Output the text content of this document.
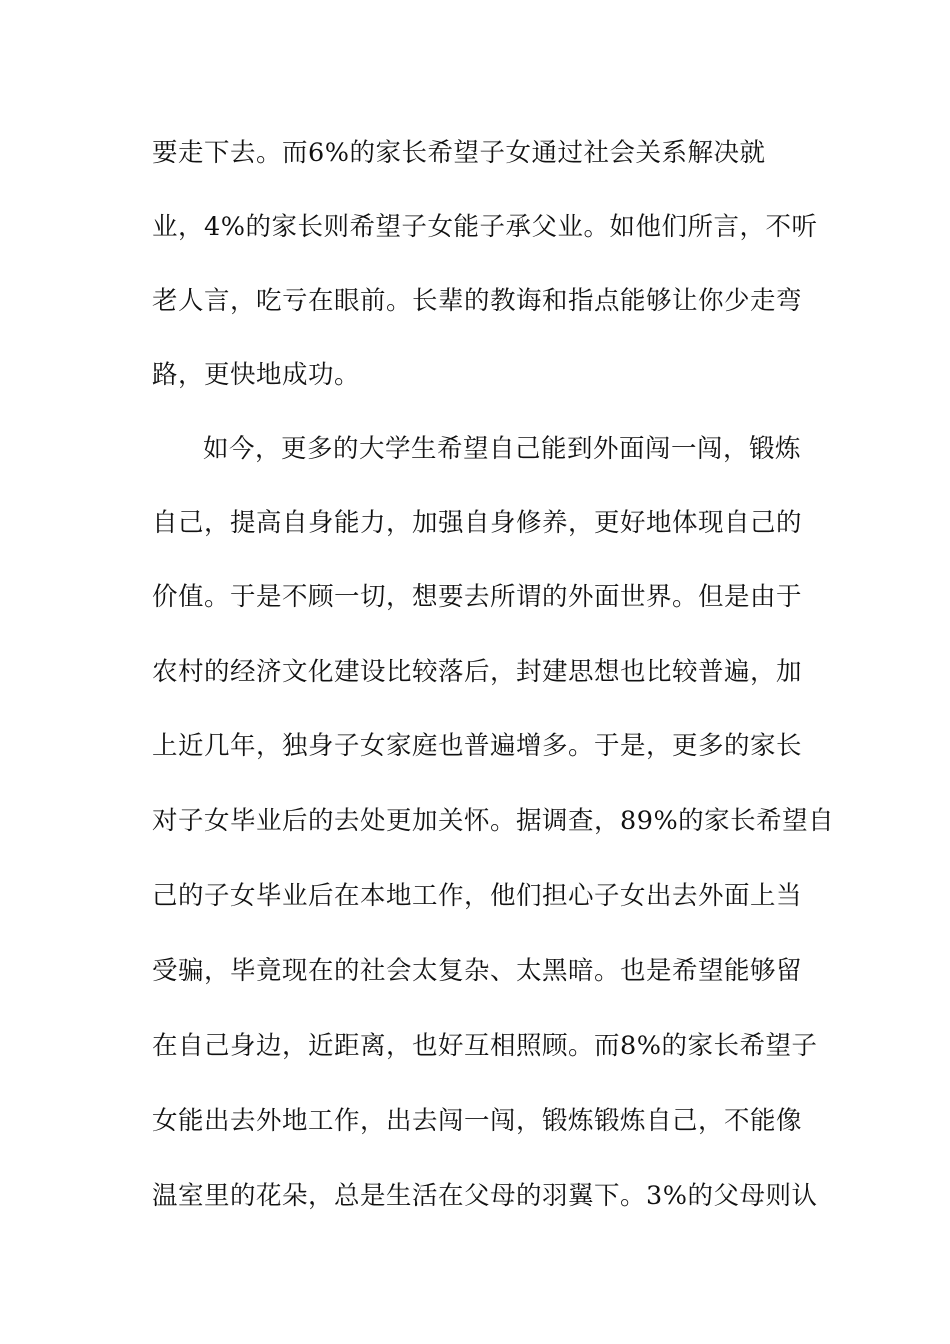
要走下去。而6%的家长希望子女通过社会关系解决就
业，4%的家长则希望子女能子承父业。如他们所言，不听
老人言，吃亏在眼前。长辈的教诲和指点能够让你少走弯
路，更快地成功。
如今，更多的大学生希望自己能到外面闯一闯，锻炼
自己，提高自身能力，加强自身修养，更好地体现自己的
价值。于是不顾一切，想要去所谓的外面世界。但是由于
农村的经济文化建设比较落后，封建思想也比较普遍，加
上近几年，独身子女家庭也普遍增多。于是，更多的家长
对子女毕业后的去处更加关怀。据调查，89%的家长希望自
己的子女毕业后在本地工作，他们担心子女出去外面上当
受骗，毕竟现在的社会太复杂、太黑暗。也是希望能够留
在自己身边，近距离，也好互相照顾。而8%的家长希望子
女能出去外地工作，出去闯一闯，锻炼锻炼自己，不能像
温室里的花朵，总是生活在父母的羽翼下。3%的父母则认
